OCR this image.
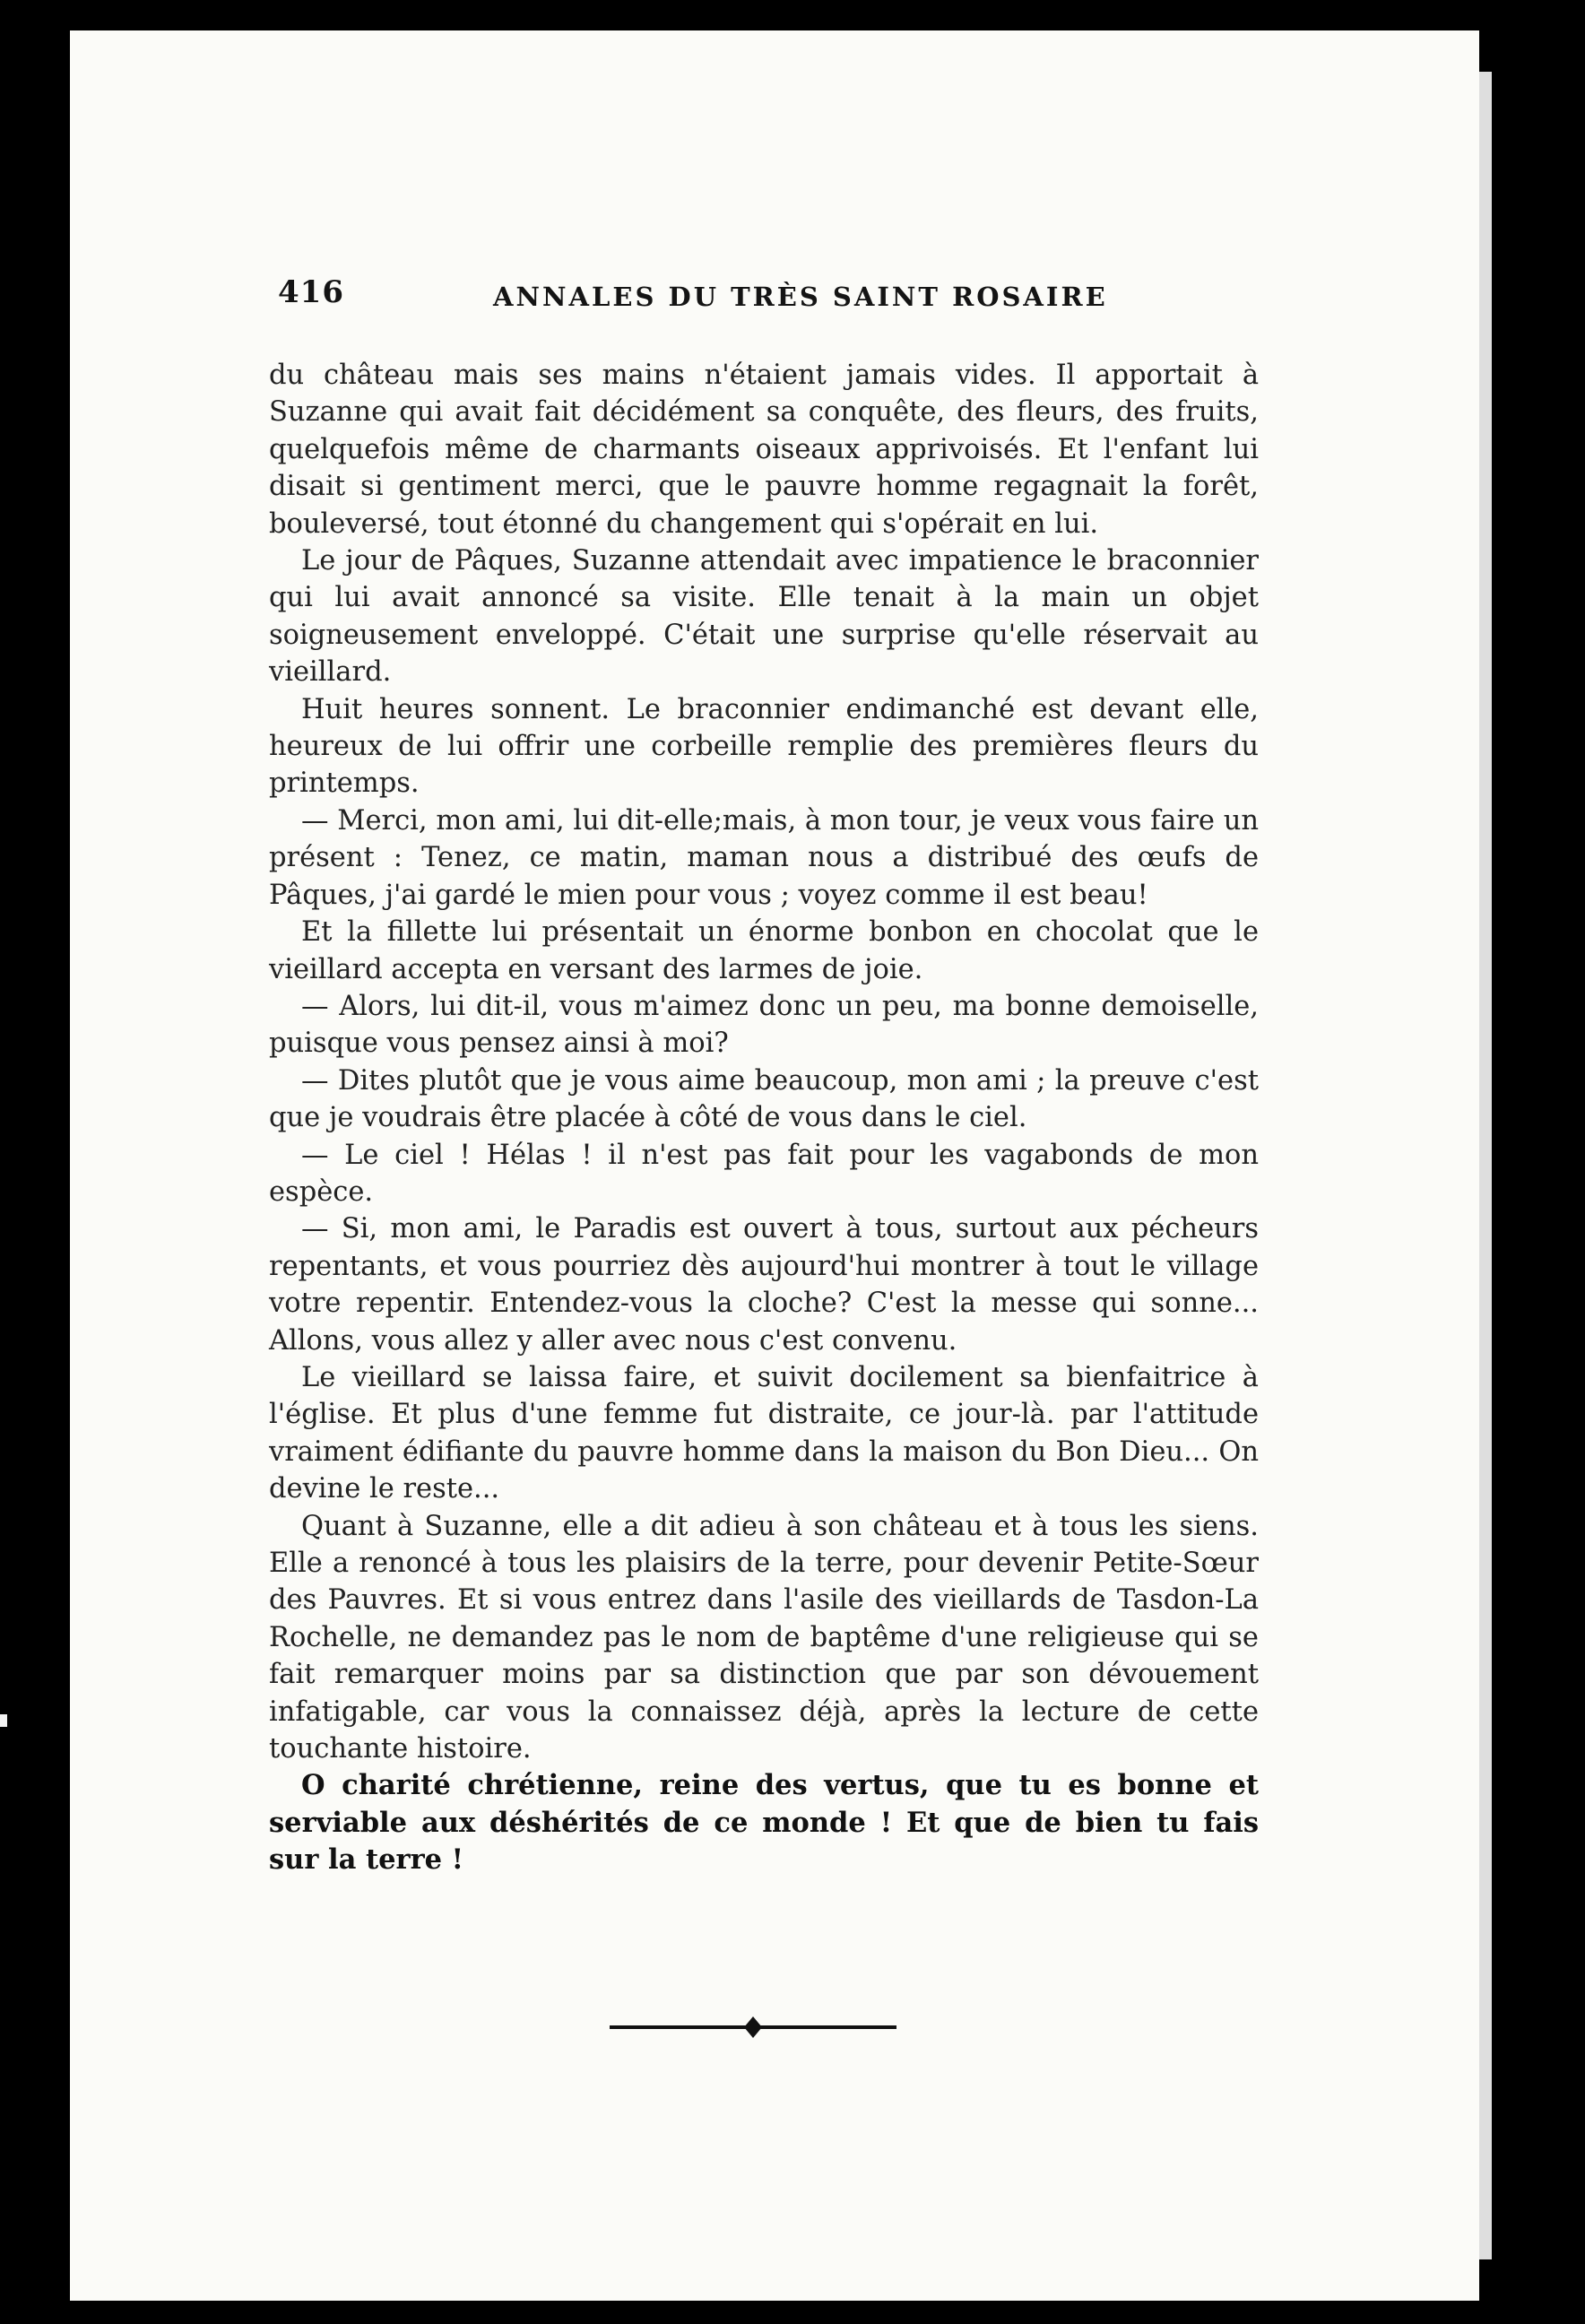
416	ANNALES DU TRÈS SAINT ROSAIRE

du château mais ses mains n'étaient jamais vides. Il apportait à Suzanne qui avait fait décidément sa conquête, des fleurs, des fruits, quelquefois même de charmants oiseaux apprivoisés. Et l'enfant lui disait si gentiment merci, que le pauvre homme regagnait la forêt, bouleversé, tout étonné du changement qui s'opérait en lui.

Le jour de Pâques, Suzanne attendait avec impatience le braconnier qui lui avait annoncé sa visite. Elle tenait à la main un objet soigneusement enveloppé. C'était une surprise qu'elle réservait au vieillard.

Huit heures sonnent. Le braconnier endimanché est devant elle, heureux de lui offrir une corbeille remplie des premières fleurs du printemps.

— Merci, mon ami, lui dit-elle;mais, à mon tour, je veux vous faire un présent : Tenez, ce matin, maman nous a distribué des œufs de Pâques, j'ai gardé le mien pour vous ; voyez comme il est beau!

Et la fillette lui présentait un énorme bonbon en chocolat que le vieillard accepta en versant des larmes de joie.

— Alors, lui dit-il, vous m'aimez donc un peu, ma bonne demoiselle, puisque vous pensez ainsi à moi?

— Dites plutôt que je vous aime beaucoup, mon ami ; la preuve c'est que je voudrais être placée à côté de vous dans le ciel.

— Le ciel ! Hélas ! il n'est pas fait pour les vagabonds de mon espèce.

— Si, mon ami, le Paradis est ouvert à tous, surtout aux pécheurs repentants, et vous pourriez dès aujourd'hui montrer à tout le village votre repentir. Entendez-vous la cloche? C'est la messe qui sonne... Allons, vous allez y aller avec nous c'est convenu.

Le vieillard se laissa faire, et suivit docilement sa bienfaitrice à l'église. Et plus d'une femme fut distraite, ce jour-là. par l'attitude vraiment édifiante du pauvre homme dans la maison du Bon Dieu... On devine le reste...

Quant à Suzanne, elle a dit adieu à son château et à tous les siens. Elle a renoncé à tous les plaisirs de la terre, pour devenir Petite-Sœur des Pauvres. Et si vous entrez dans l'asile des vieillards de Tasdon-La Rochelle, ne demandez pas le nom de baptême d'une religieuse qui se fait remarquer moins par sa distinction que par son dévouement infatigable, car vous la connaissez déjà, après la lecture de cette touchante histoire.

O charité chrétienne, reine des vertus, que tu es bonne et serviable aux déshérités de ce monde ! Et que de bien tu fais sur la terre !
